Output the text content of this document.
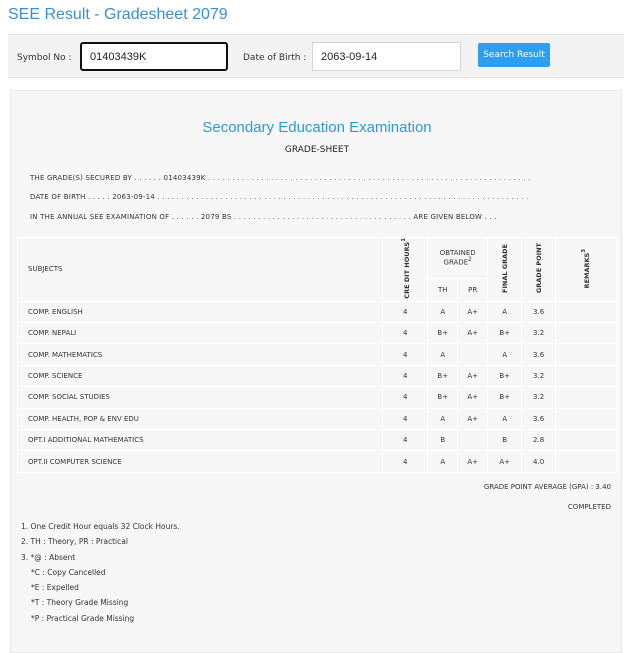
SEE Result - Gradesheet 2079
Symbol No :
01403439K	Date of Birth :
2063-09-14	Search Result
Secondary Education Examination
GRADE-SHEET
THE GRADE(S) SECURED BY . . . . . . 01403439K . . . . . . . . . . . . . . . . . . . . . . . . . . . . . . . . . . . . . . . . . . . . . . . . . . . . . . . . . . . . . . . . . . .
DATE OF BIRTH . . . . . 2063-09-14 . . . . . . . . . . . . . . . . . . . . . . . . . . . . . . . . . . . . . . . . . . . . . . . . . . . . . . . . . . . . . . . . . . . . . . . . . . . . .
IN THE ANNUAL SEE EXAMINATION OF . . . . . . 2079 BS . . . . . . . . . . . . . . . . . . . . . . . . . . . . . . . . . . . . . ARE GIVEN BELOW . . .
SUBJECTS	CRE DIT HOURS$^1$	OBTAINED GRADE$^2$		FINAL GRADE	GRADE POINT	REMARKS$^3$
		TH	PR			
COMP. ENGLISH	4	A	A+	A	3.6	
COMP. NEPALI	4	B+	A+	B+	3.2	
COMP. MATHEMATICS	4	A		A	3.6	
COMP. SCIENCE	4	B+	A+	B+	3.2	
COMP. SOCIAL STUDIES	4	B+	A+	B+	3.2	
COMP. HEALTH, POP & ENV EDU	4	A	A+	A	3.6	
OPT.I ADDITIONAL MATHEMATICS	4	B		B	2.8	
OPT.II COMPUTER SCIENCE	4	A	A+	A+	4.0	
GRADE POINT AVERAGE (GPA) : 3.40
COMPLETED
1. One Credit Hour equals 32 Clock Hours.
2. TH : Theory, PR : Practical
3. *@ : Absent
*C : Copy Cancelled
*E : Expelled
*T : Theory Grade Missing
*P : Practical Grade Missing
